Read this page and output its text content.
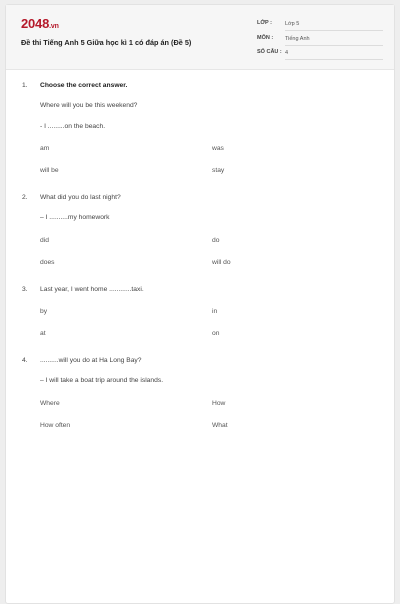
2048.vn
Đề thi Tiếng Anh 5 Giữa học kì 1 có đáp án (Đề 5)
LỚP : Lớp 5
MÔN : Tiếng Anh
SỐ CÂU : 4
1. Choose the correct answer.
Where will you be this weekend?
- I .........on the beach.
am	was
will be	stay
2. What did you do last night?
– I ..........my homework
did	do
does	will do
3. Last year, I went home ............taxi.
by	in
at	on
4. ..........will you do at Ha Long Bay?
– I will take a boat trip around the islands.
Where	How
How often	What
